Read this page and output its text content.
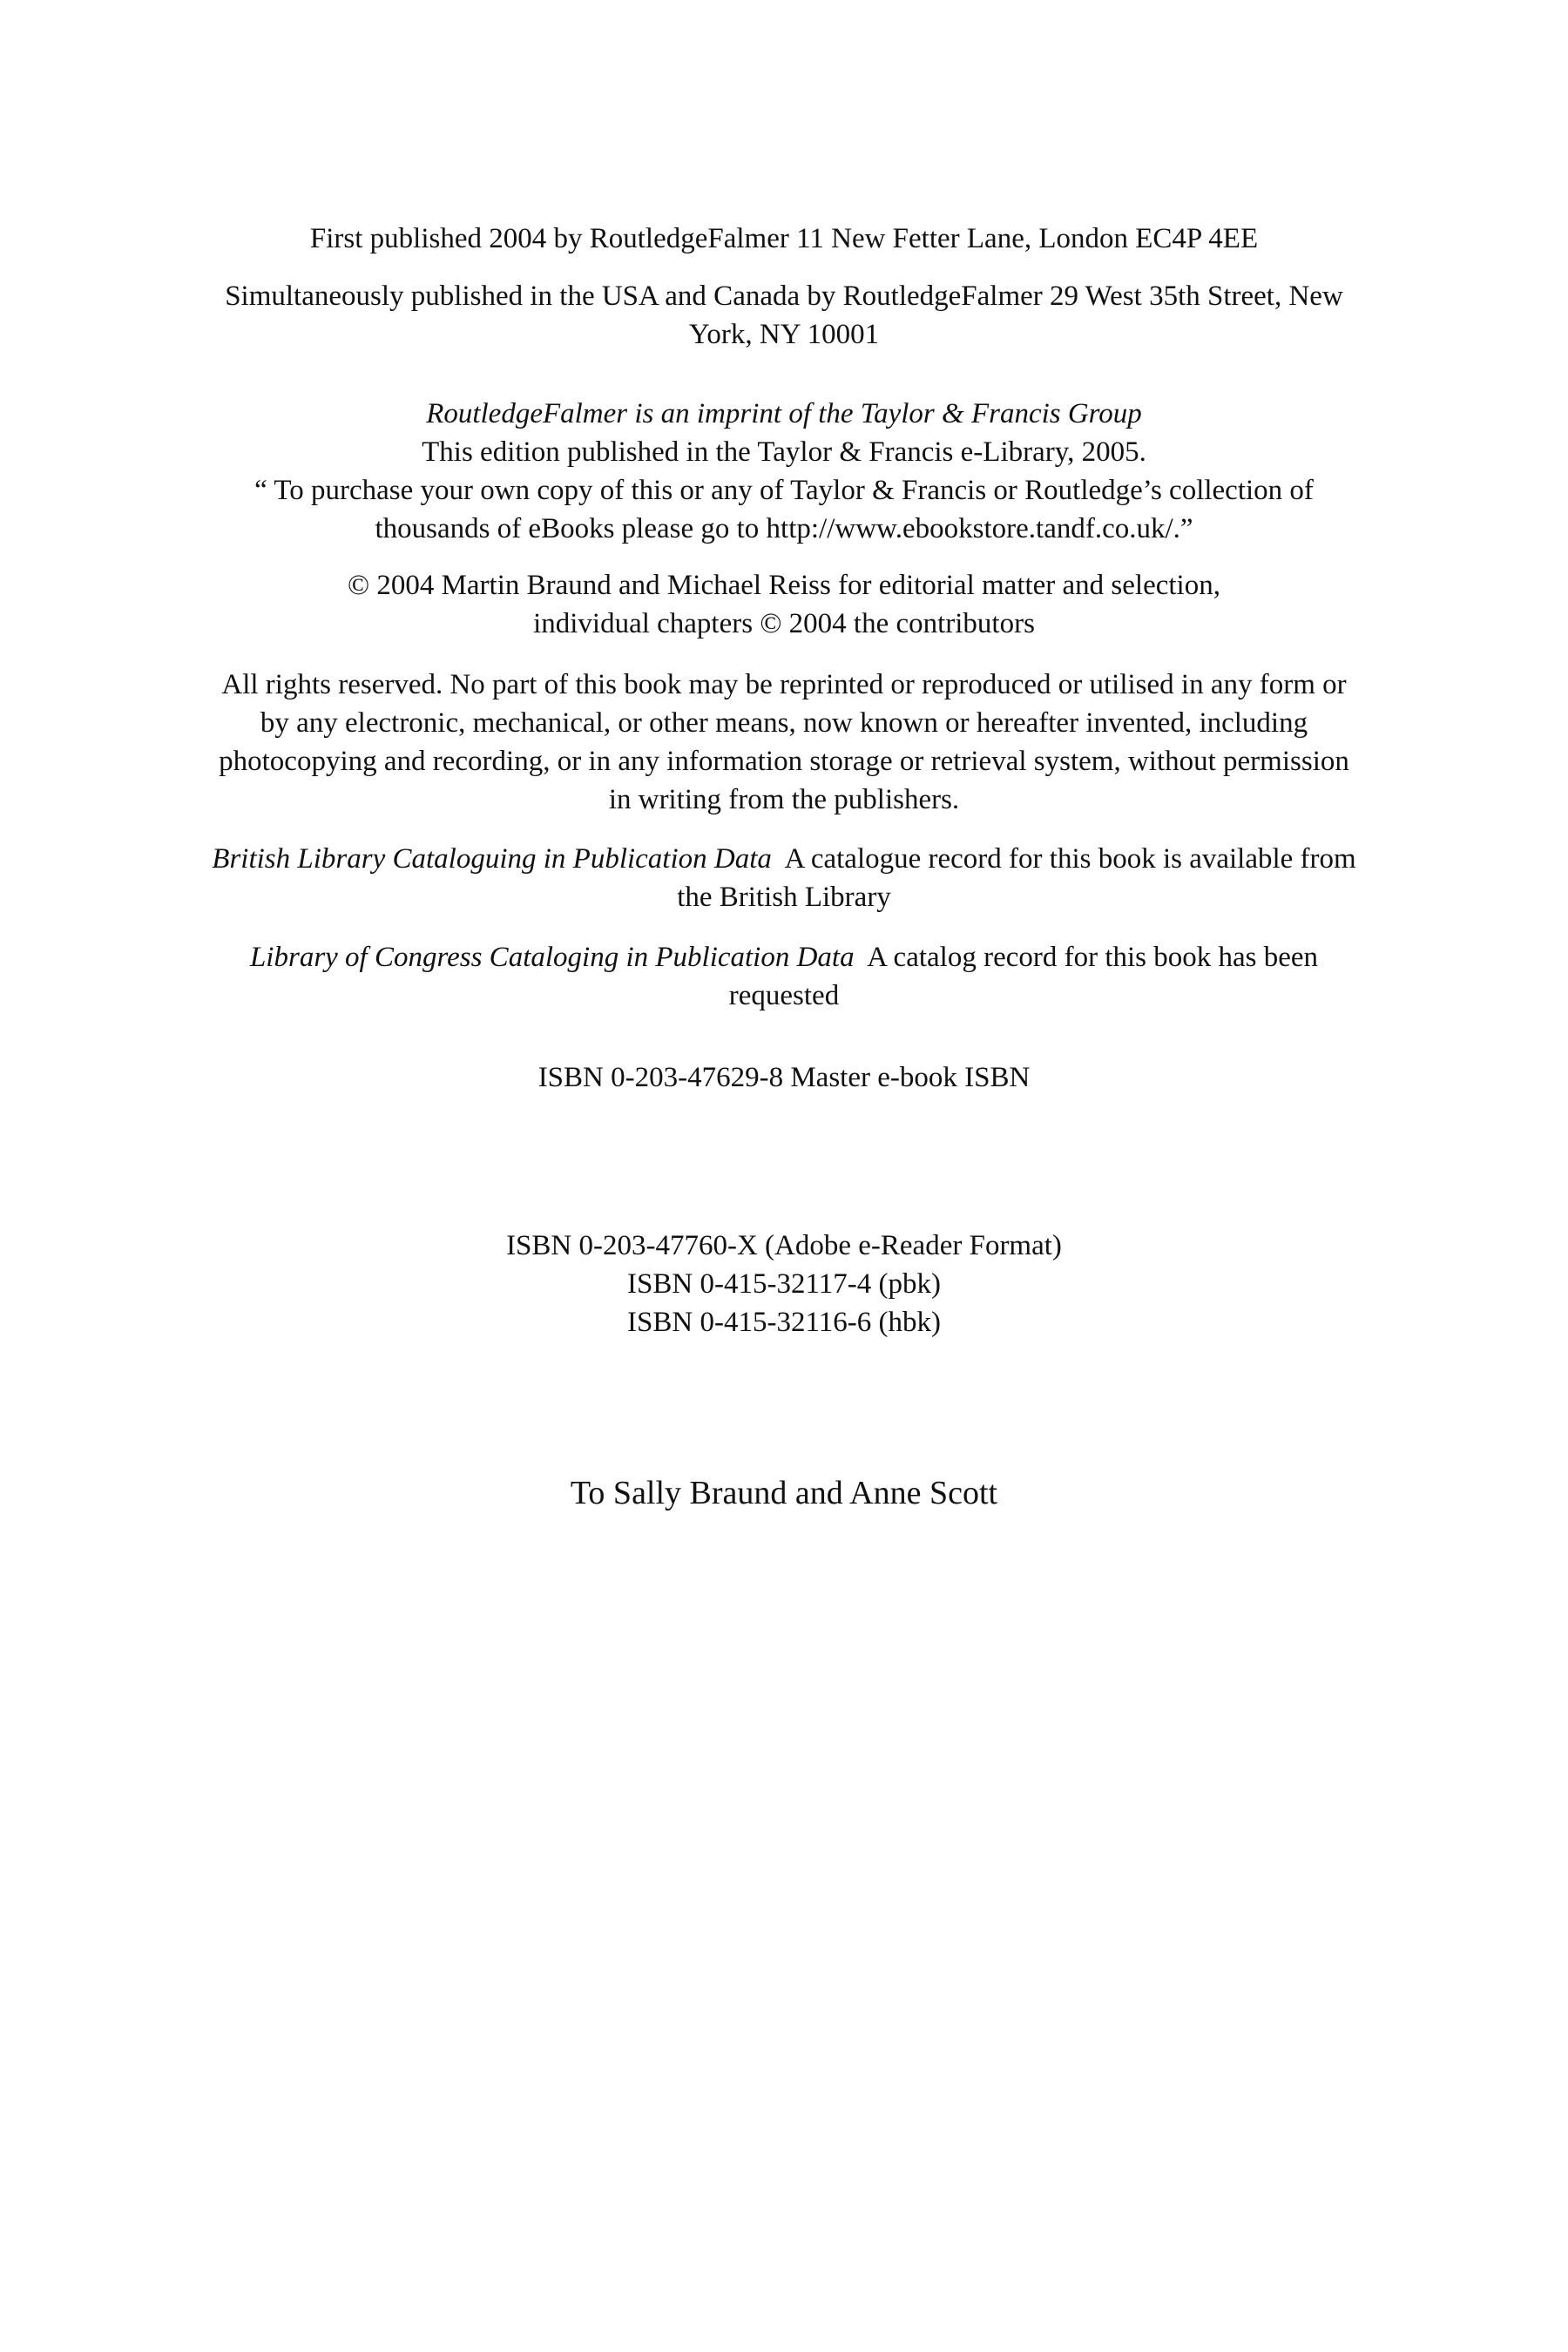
First published 2004 by RoutledgeFalmer 11 New Fetter Lane, London EC4P 4EE

Simultaneously published in the USA and Canada by RoutledgeFalmer 29 West 35th Street, New
York, NY 10001

RoutledgeFalmer is an imprint of the Taylor & Francis Group
This edition published in the Taylor & Francis e-Library, 2005.
“ To purchase your own copy of this or any of Taylor & Francis or Routledge’s collection of
thousands of eBooks please go to http://www.ebookstore.tandf.co.uk/.”

© 2004 Martin Braund and Michael Reiss for editorial matter and selection,
individual chapters © 2004 the contributors

All rights reserved. No part of this book may be reprinted or reproduced or utilised in any form or
by any electronic, mechanical, or other means, now known or hereafter invented, including
photocopying and recording, or in any information storage or retrieval system, without permission
in writing from the publishers.

British Library Cataloguing in Publication Data  A catalogue record for this book is available from
the British Library

Library of Congress Cataloging in Publication Data  A catalog record for this book has been
requested

ISBN 0-203-47629-8 Master e-book ISBN

ISBN 0-203-47760-X (Adobe e-Reader Format)
ISBN 0-415-32117-4 (pbk)
ISBN 0-415-32116-6 (hbk)

To Sally Braund and Anne Scott
